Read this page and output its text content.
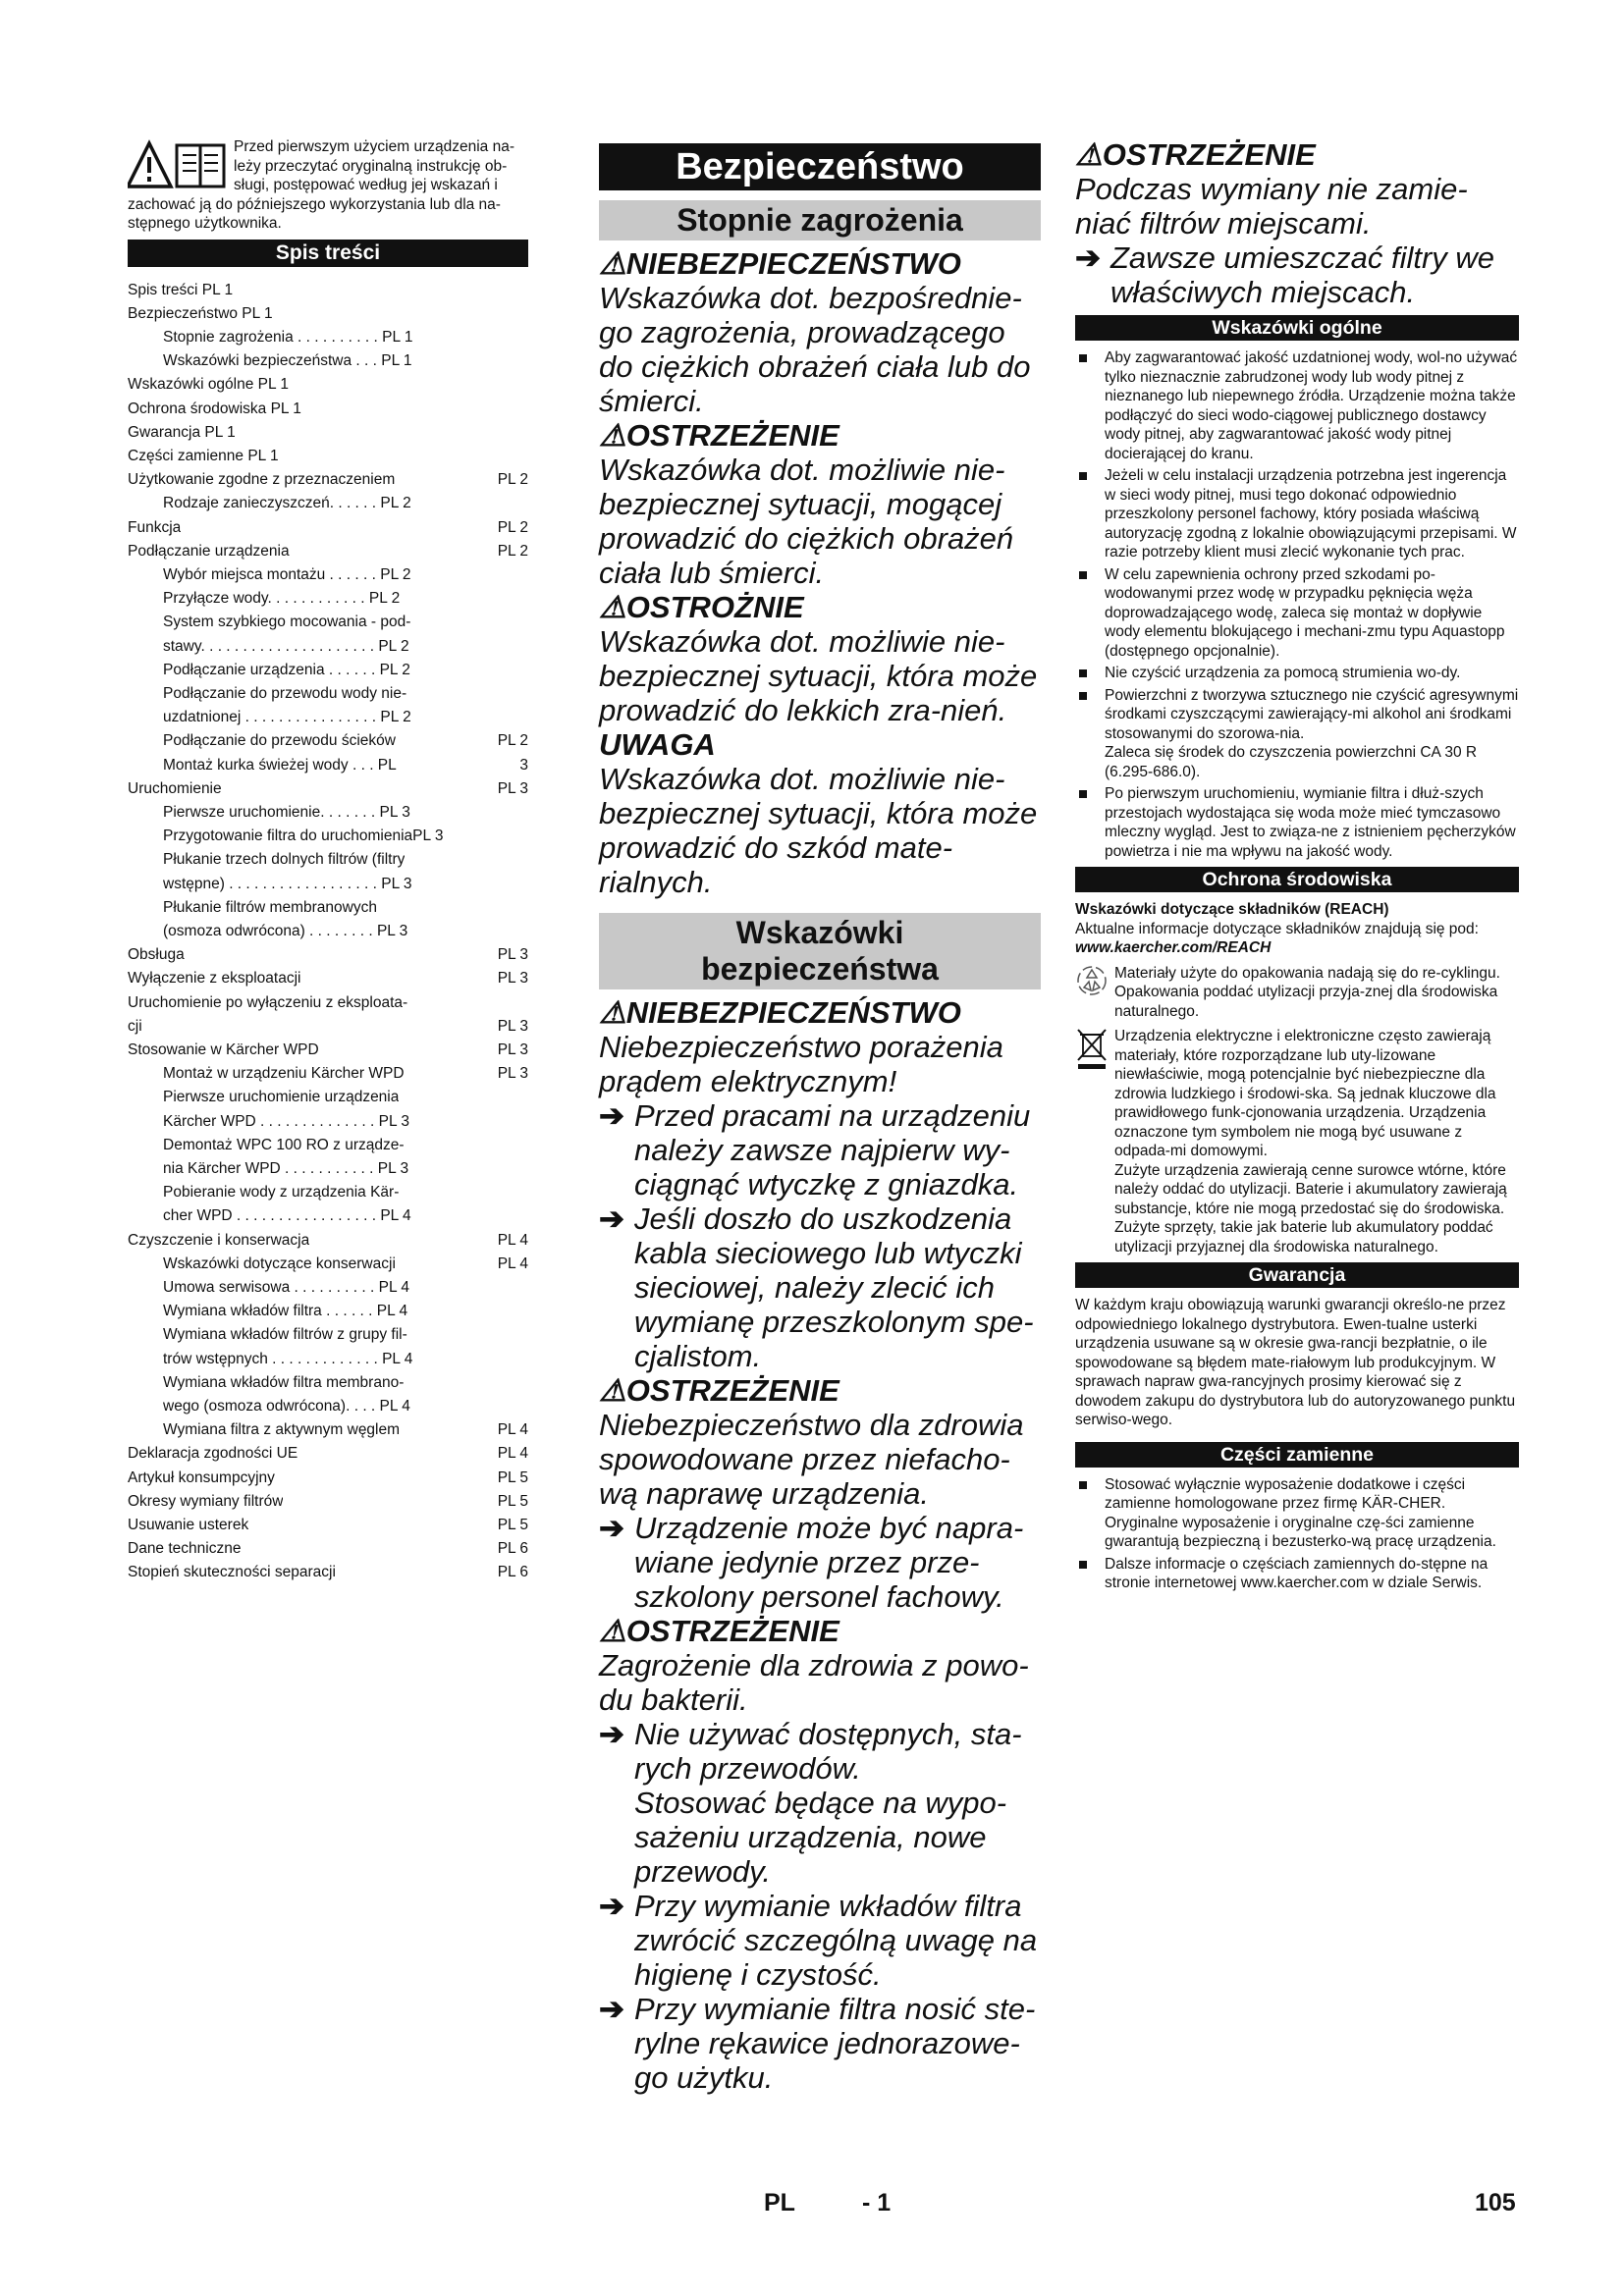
Przed pierwszym użyciem urządzenia na-
leży przeczytać oryginalną instrukcję ob-
sługi, postępować według jej wskazań i
zachować ją do późniejszego wykorzystania lub dla na-
stępnego użytkownika.
Spis treści
Spis treści PL 1
Bezpieczeństwo PL 1
Stopnie zagrożenia . . . . . . . . . . PL 1
Wskazówki bezpieczeństwa . . . PL 1
Wskazówki ogólne PL 1
Ochrona środowiska PL 1
Gwarancja PL 1
Części zamienne PL 1
Użytkowanie zgodne z przeznaczeniem	PL 2
Rodzaje zanieczyszczeń. . . . . . PL 2
Funkcja	PL 2
Podłączanie urządzenia	PL 2
Wybór miejsca montażu . . . . . . PL 2
Przyłącze wody. . . . . . . . . . . . PL 2
System szybkiego mocowania - pod-
stawy. . . . . . . . . . . . . . . . . . . . . PL 2
Podłączanie urządzenia . . . . . . PL 2
Podłączanie do przewodu wody nie-
uzdatnionej . . . . . . . . . . . . . . . . PL 2
Podłączanie do przewodu ścieków	PL 2
Montaż kurka świeżej wody . . . PL	3
Uruchomienie	PL 3
Pierwsze uruchomienie. . . . . . . PL 3
Przygotowanie filtra do uruchomieniaPL 3
Płukanie trzech dolnych filtrów (filtry
wstępne) . . . . . . . . . . . . . . . . . . PL 3
Płukanie filtrów membranowych
(osmoza odwrócona) . . . . . . . . PL 3
Obsługa	PL 3
Wyłączenie z eksploatacji	PL 3
Uruchomienie po wyłączeniu z eksploata-
cji	PL 3
Stosowanie w Kärcher WPD	PL 3
Montaż w urządzeniu Kärcher WPD	PL 3
Pierwsze uruchomienie urządzenia
Kärcher WPD . . . . . . . . . . . . . . PL 3
Demontaż WPC 100 RO z urządze-
nia Kärcher WPD . . . . . . . . . . . PL 3
Pobieranie wody z urządzenia Kär-
cher WPD . . . . . . . . . . . . . . . . . PL 4
Czyszczenie i konserwacja	PL 4
Wskazówki dotyczące konserwacji	PL 4
Umowa serwisowa . . . . . . . . . . PL 4
Wymiana wkładów filtra . . . . . . PL 4
Wymiana wkładów filtrów z grupy fil-
trów wstępnych . . . . . . . . . . . . . PL 4
Wymiana wkładów filtra membrano-
wego (osmoza odwrócona). . . . PL 4
Wymiana filtra z aktywnym węglem	PL 4
Deklaracja zgodności UE	PL 4
Artykuł konsumpcyjny	PL 5
Okresy wymiany filtrów	PL 5
Usuwanie usterek	PL 5
Dane techniczne	PL 6
Stopień skuteczności separacji	PL 6
Bezpieczeństwo
Stopnie zagrożenia
⚠NIEBEZPIECZEŃSTWO
Wskazówka dot. bezpośrednie-go zagrożenia, prowadzącego do ciężkich obrażeń ciała lub do śmierci.
⚠OSTRZEŻENIE
Wskazówka dot. możliwie nie-bezpiecznej sytuacji, mogącej prowadzić do ciężkich obrażeń ciała lub śmierci.
⚠OSTROŻNIE
Wskazówka dot. możliwie nie-bezpiecznej sytuacji, która może prowadzić do lekkich zra-nień.
UWAGA
Wskazówka dot. możliwie nie-bezpiecznej sytuacji, która może prowadzić do szkód mate-rialnych.
Wskazówki
bezpieczeństwa
⚠NIEBEZPIECZEŃSTWO
Niebezpieczeństwo porażenia prądem elektrycznym!
➔ Przed pracami na urządzeniu należy zawsze najpierw wy-ciągnąć wtyczkę z gniazdka.
➔ Jeśli doszło do uszkodzenia kabla sieciowego lub wtyczki sieciowej, należy zlecić ich wymianę przeszkolonym spe-cjalistom.
⚠OSTRZEŻENIE
Niebezpieczeństwo dla zdrowia spowodowane przez niefacho-wą naprawę urządzenia.
➔ Urządzenie może być napra-wiane jedynie przez prze-szkolony personel fachowy.
⚠OSTRZEŻENIE
Zagrożenie dla zdrowia z powo-du bakterii.
➔ Nie używać dostępnych, sta-rych przewodów.
Stosować będące na wypo-sażeniu urządzenia, nowe przewody.
➔ Przy wymianie wkładów filtra zwrócić szczególną uwagę na higienę i czystość.
➔ Przy wymianie filtra nosić ste-rylne rękawice jednorazowe-go użytku.
⚠OSTRZEŻENIE
Podczas wymiany nie zamie-niać filtrów miejscami.
➔ Zawsze umieszczać filtry we właściwych miejscach.
Wskazówki ogólne
Aby zagwarantować jakość uzdatnionej wody, wol-no używać tylko nieznacznie zabrudzonej wody lub wody pitnej z nieznanego lub niepewnego źródła. Urządzenie można także podłączyć do sieci wodo-ciągowej publicznego dostawcy wody pitnej, aby zagwarantować jakość wody pitnej docierającej do kranu.
Jeżeli w celu instalacji urządzenia potrzebna jest ingerencja w sieci wody pitnej, musi tego dokonać odpowiednio przeszkolony personel fachowy, który posiada właściwą autoryzację zgodną z lokalnie obowiązującymi przepisami. W razie potrzeby klient musi zlecić wykonanie tych prac.
W celu zapewnienia ochrony przed szkodami po-wodowanymi przez wodę w przypadku pęknięcia węża doprowadzającego wodę, zaleca się montaż w dopływie wody elementu blokującego i mechani-zmu typu Aquastopp (dostępnego opcjonalnie).
Nie czyścić urządzenia za pomocą strumienia wo-dy.
Powierzchni z tworzywa sztucznego nie czyścić agresywnymi środkami czyszczącymi zawierający-mi alkohol ani środkami stosowanymi do szorowa-nia.
Zaleca się środek do czyszczenia powierzchni CA 30 R (6.295-686.0).
Po pierwszym uruchomieniu, wymianie filtra i dłuż-szych przestojach wydostająca się woda może mieć tymczasowo mleczny wygląd. Jest to związa-ne z istnieniem pęcherzyków powietrza i nie ma wpływu na jakość wody.
Ochrona środowiska
Wskazówki dotyczące składników (REACH)
Aktualne informacje dotyczące składników znajdują się pod:
www.kaercher.com/REACH
Materiały użyte do opakowania nadają się do re-cyklingu. Opakowania poddać utylizacji przyja-znej dla środowiska naturalnego.
Urządzenia elektryczne i elektroniczne często zawierają materiały, które rozporządzane lub uty-lizowane niewłaściwie, mogą potencjalnie być niebezpieczne dla zdrowia ludzkiego i środowi-ska. Są jednak kluczowe dla prawidłowego funk-cjonowania urządzenia. Urządzenia oznaczone tym symbolem nie mogą być usuwane z odpada-mi domowymi.
Zużyte urządzenia zawierają cenne surowce wtórne, które należy oddać do utylizacji. Baterie i akumulatory zawierają substancje, które nie mogą przedostać się do środowiska. Zużyte sprzęty, takie jak baterie lub akumulatory poddać utylizacji przyjaznej dla środowiska naturalnego.
Gwarancja
W każdym kraju obowiązują warunki gwarancji określo-ne przez odpowiedniego lokalnego dystrybutora. Ewen-tualne usterki urządzenia usuwane są w okresie gwa-rancji bezpłatnie, o ile spowodowane są błędem mate-riałowym lub produkcyjnym. W sprawach napraw gwa-rancyjnych prosimy kierować się z dowodem zakupu do dystrybutora lub do autoryzowanego punktu serwiso-wego.
Części zamienne
Stosować wyłącznie wyposażenie dodatkowe i części zamienne homologowane przez firmę KÄR-CHER. Oryginalne wyposażenie i oryginalne czę-ści zamienne gwarantują bezpieczną i bezusterko-wą pracę urządzenia.
Dalsze informacje o częściach zamiennych do-stępne na stronie internetowej www.kaercher.com w dziale Serwis.
PL	- 1	105
